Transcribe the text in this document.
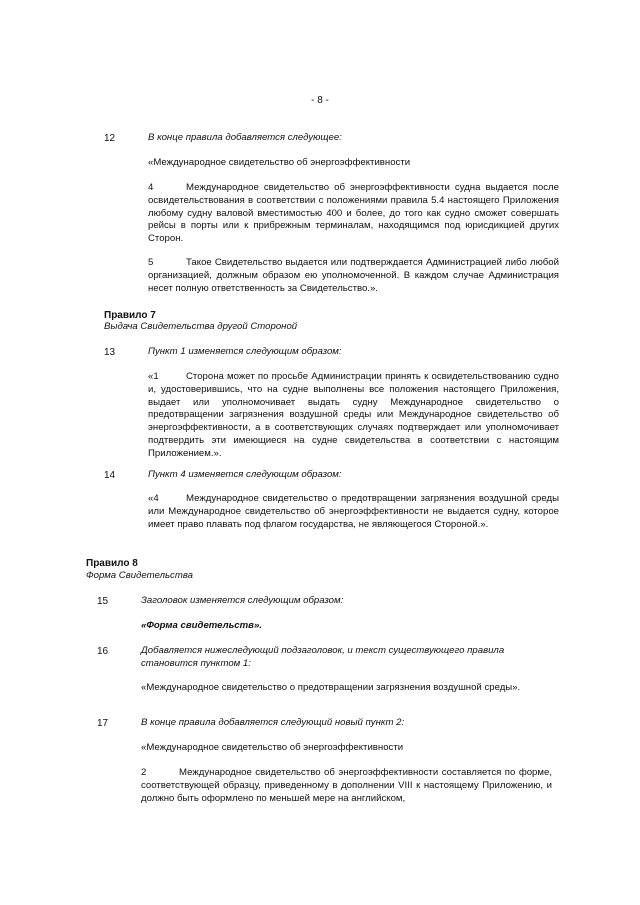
- 8 -
12	В конце правила добавляется следующее:
«Международное свидетельство об энергоэффективности
4	Международное свидетельство об энергоэффективности судна выдается после освидетельствования в соответствии с положениями правила 5.4 настоящего Приложения любому судну валовой вместимостью 400 и более, до того как судно сможет совершать рейсы в порты или к прибрежным терминалам, находящимся под юрисдикцией других Сторон.
5	Такое Свидетельство выдается или подтверждается Администрацией либо любой организацией, должным образом ею уполномоченной. В каждом случае Администрация несет полную ответственность за Свидетельство.».
Правило 7
Выдача Свидетельства другой Стороной
13	Пункт 1 изменяется следующим образом:
«1	Сторона может по просьбе Администрации принять к освидетельствованию судно и, удостоверившись, что на судне выполнены все положения настоящего Приложения, выдает или уполномочивает выдать судну Международное свидетельство о предотвращении загрязнения воздушной среды или Международное свидетельство об энергоэффективности, а в соответствующих случаях подтверждает или уполномочивает подтвердить эти имеющиеся на судне свидетельства в соответствии с настоящим Приложением.».
14	Пункт 4 изменяется следующим образом:
«4	Международное свидетельство о предотвращении загрязнения воздушной среды или Международное свидетельство об энергоэффективности не выдается судну, которое имеет право плавать под флагом государства, не являющегося Стороной.».
Правило 8
Форма Свидетельства
15	Заголовок изменяется следующим образом:
«Форма свидетельств».
16	Добавляется нижеследующий подзаголовок, и текст существующего правила становится пунктом 1:
«Международное свидетельство о предотвращении загрязнения воздушной среды».
17	В конце правила добавляется следующий новый пункт 2:
«Международное свидетельство об энергоэффективности
2	Международное свидетельство об энергоэффективности составляется по форме, соответствующей образцу, приведенному в дополнении VIII к настоящему Приложению, и должно быть оформлено по меньшей мере на английском,
